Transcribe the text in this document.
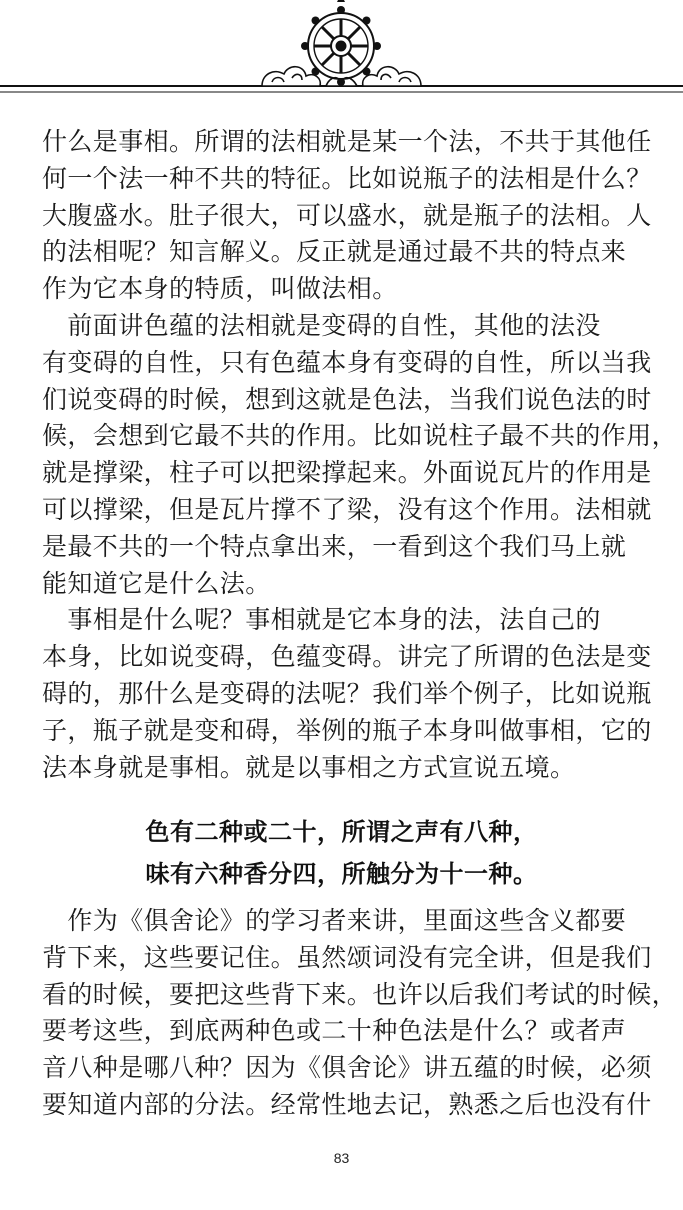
什么是事相。所谓的法相就是某一个法，不共于其他任
何一个法一种不共的特征。比如说瓶子的法相是什么？
大腹盛水。肚子很大，可以盛水，就是瓶子的法相。人
的法相呢？知言解义。反正就是通过最不共的特点来
作为它本身的特质，叫做法相。
　前面讲色蕴的法相就是变碍的自性，其他的法没
有变碍的自性，只有色蕴本身有变碍的自性，所以当我
们说变碍的时候，想到这就是色法，当我们说色法的时
候，会想到它最不共的作用。比如说柱子最不共的作用，
就是撑梁，柱子可以把梁撑起来。外面说瓦片的作用是
可以撑梁，但是瓦片撑不了梁，没有这个作用。法相就
是最不共的一个特点拿出来，一看到这个我们马上就
能知道它是什么法。
　事相是什么呢？事相就是它本身的法，法自己的
本身，比如说变碍，色蕴变碍。讲完了所谓的色法是变
碍的，那什么是变碍的法呢？我们举个例子，比如说瓶
子，瓶子就是变和碍，举例的瓶子本身叫做事相，它的
法本身就是事相。就是以事相之方式宣说五境。
色有二种或二十，所谓之声有八种，
味有六种香分四，所触分为十一种。
　作为《俱舍论》的学习者来讲，里面这些含义都要
背下来，这些要记住。虽然颂词没有完全讲，但是我们
看的时候，要把这些背下来。也许以后我们考试的时候，
要考这些，到底两种色或二十种色法是什么？或者声
音八种是哪八种？因为《俱舍论》讲五蕴的时候，必须
要知道内部的分法。经常性地去记，熟悉之后也没有什
83
